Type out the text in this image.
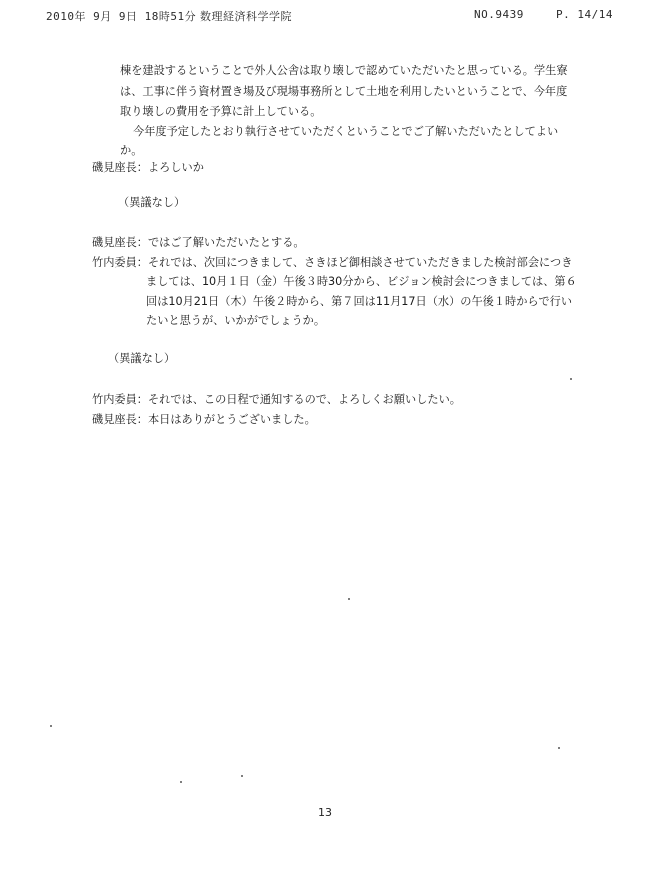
2010年 9月 9日 18時51分 数理経済科学学院	NO.9439	P. 14/14
棟を建設するということで外人公舎は取り壊しで認めていただいたと思っている。学生寮
は、工事に伴う資材置き場及び現場事務所として土地を利用したいということで、今年度
取り壊しの費用を予算に計上している。
今年度予定したとおり執行させていただくということでご了解いただいたとしてよい
か。
磯見座長：よろしいか
（異議なし）
磯見座長：ではご了解いただいたとする。
竹内委員：それでは、次回につきまして、さきほど御相談させていただきました検討部会につき
ましては、10月１日（金）午後３時30分から、ビジョン検討会につきましては、第６
回は10月21日（木）午後２時から、第７回は11月17日（水）の午後１時からで行い
たいと思うが、いかがでしょうか。
（異議なし）
竹内委員：それでは、この日程で通知するので、よろしくお願いしたい。
磯見座長：本日はありがとうございました。
13
